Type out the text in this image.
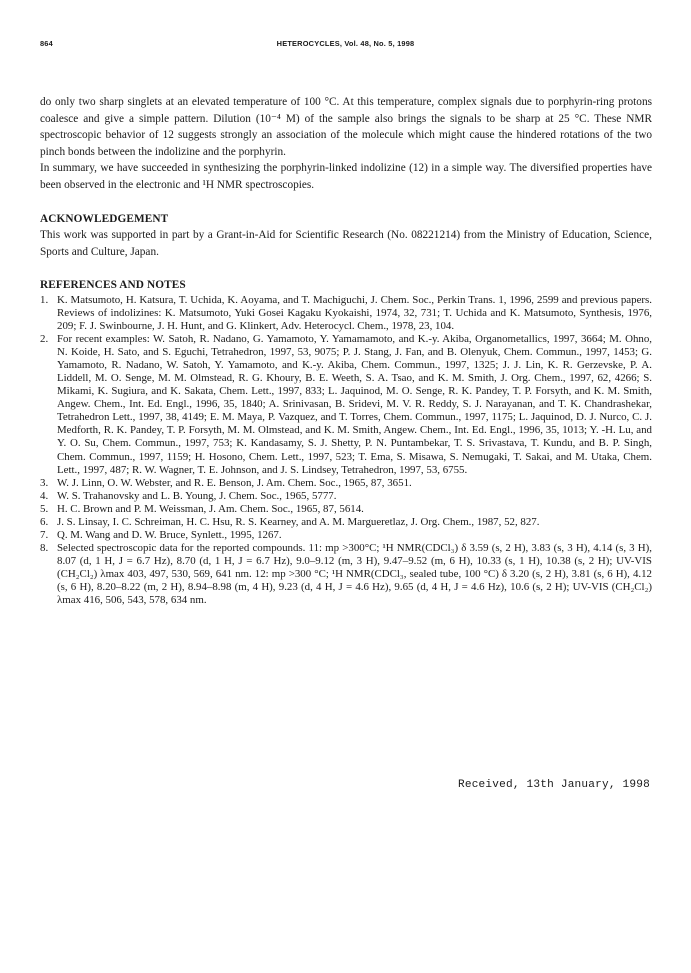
864	HETEROCYCLES, Vol. 48, No. 5, 1998

do only two sharp singlets at an elevated temperature of 100 °C. At this temperature, complex signals due to porphyrin-ring protons coalesce and give a simple pattern. Dilution (10⁻⁴ M) of the sample also brings the signals to be sharp at 25 °C. These NMR spectroscopic behavior of 12 suggests strongly an association of the molecule which might cause the hindered rotations of the two pinch bonds between the indolizine and the porphyrin.

In summary, we have succeeded in synthesizing the porphyrin-linked indolizine (12) in a simple way. The diversified properties have been observed in the electronic and ¹H NMR spectroscopies.

ACKNOWLEDGEMENT

This work was supported in part by a Grant-in-Aid for Scientific Research (No. 08221214) from the Ministry of Education, Science, Sports and Culture, Japan.

REFERENCES AND NOTES
1. K. Matsumoto, H. Katsura, T. Uchida, K. Aoyama, and T. Machiguchi, J. Chem. Soc., Perkin Trans. 1, 1996, 2599 and previous papers. Reviews of indolizines: K. Matsumoto, Yuki Gosei Kagaku Kyokaishi, 1974, 32, 731; T. Uchida and K. Matsumoto, Synthesis, 1976, 209; F. J. Swinbourne, J. H. Hunt, and G. Klinkert, Adv. Heterocycl. Chem., 1978, 23, 104.
2. For recent examples: W. Satoh, R. Nadano, G. Yamamoto, Y. Yamamamoto, and K.-y. Akiba, Organometallics, 1997, 3664; M. Ohno, N. Koide, H. Sato, and S. Eguchi, Tetrahedron, 1997, 53, 9075; P. J. Stang, J. Fan, and B. Olenyuk, Chem. Commun., 1997, 1453; G. Yamamoto, R. Nadano, W. Satoh, Y. Yamamoto, and K.-y. Akiba, Chem. Commun., 1997, 1325; J. J. Lin, K. R. Gerzevske, P. A. Liddell, M. O. Senge, M. M. Olmstead, R. G. Khoury, B. E. Weeth, S. A. Tsao, and K. M. Smith, J. Org. Chem., 1997, 62, 4266; S. Mikami, K. Sugiura, and K. Sakata, Chem. Lett., 1997, 833; L. Jaquinod, M. O. Senge, R. K. Pandey, T. P. Forsyth, and K. M. Smith, Angew. Chem., Int. Ed. Engl., 1996, 35, 1840; A. Srinivasan, B. Sridevi, M. V. R. Reddy, S. J. Narayanan, and T. K. Chandrashekar, Tetrahedron Lett., 1997, 38, 4149; E. M. Maya, P. Vazquez, and T. Torres, Chem. Commun., 1997, 1175; L. Jaquinod, D. J. Nurco, C. J. Medforth, R. K. Pandey, T. P. Forsyth, M. M. Olmstead, and K. M. Smith, Angew. Chem., Int. Ed. Engl., 1996, 35, 1013; Y. -H. Lu, and Y. O. Su, Chem. Commun., 1997, 753; K. Kandasamy, S. J. Shetty, P. N. Puntambekar, T. S. Srivastava, T. Kundu, and B. P. Singh, Chem. Commun., 1997, 1159; H. Hosono, Chem. Lett., 1997, 523; T. Ema, S. Misawa, S. Nemugaki, T. Sakai, and M. Utaka, Chem. Lett., 1997, 487; R. W. Wagner, T. E. Johnson, and J. S. Lindsey, Tetrahedron, 1997, 53, 6755.
3. W. J. Linn, O. W. Webster, and R. E. Benson, J. Am. Chem. Soc., 1965, 87, 3651.
4. W. S. Trahanovsky and L. B. Young, J. Chem. Soc., 1965, 5777.
5. H. C. Brown and P. M. Weissman, J. Am. Chem. Soc., 1965, 87, 5614.
6. J. S. Linsay, I. C. Schreiman, H. C. Hsu, R. S. Kearney, and A. M. Margueretlaz, J. Org. Chem., 1987, 52, 827.
7. Q. M. Wang and D. W. Bruce, Synlett., 1995, 1267.
8. Selected spectroscopic data for the reported compounds. 11: mp >300°C; ¹H NMR(CDCl₃) δ 3.59 (s, 2 H), 3.83 (s, 3 H), 4.14 (s, 3 H), 8.07 (d, 1 H, J = 6.7 Hz), 8.70 (d, 1 H, J = 6.7 Hz), 9.0–9.12 (m, 3 H), 9.47–9.52 (m, 6 H), 10.33 (s, 1 H), 10.38 (s, 2 H); UV-VIS (CH₂Cl₂) λmax 403, 497, 530, 569, 641 nm. 12: mp >300 °C; ¹H NMR(CDCl₃, sealed tube, 100 °C) δ 3.20 (s, 2 H), 3.81 (s, 6 H), 4.12 (s, 6 H), 8.20–8.22 (m, 2 H), 8.94–8.98 (m, 4 H), 9.23 (d, 4 H, J = 4.6 Hz), 9.65 (d, 4 H, J = 4.6 Hz), 10.6 (s, 2 H); UV-VIS (CH₂Cl₂) λmax 416, 506, 543, 578, 634 nm.
Received, 13th January, 1998
